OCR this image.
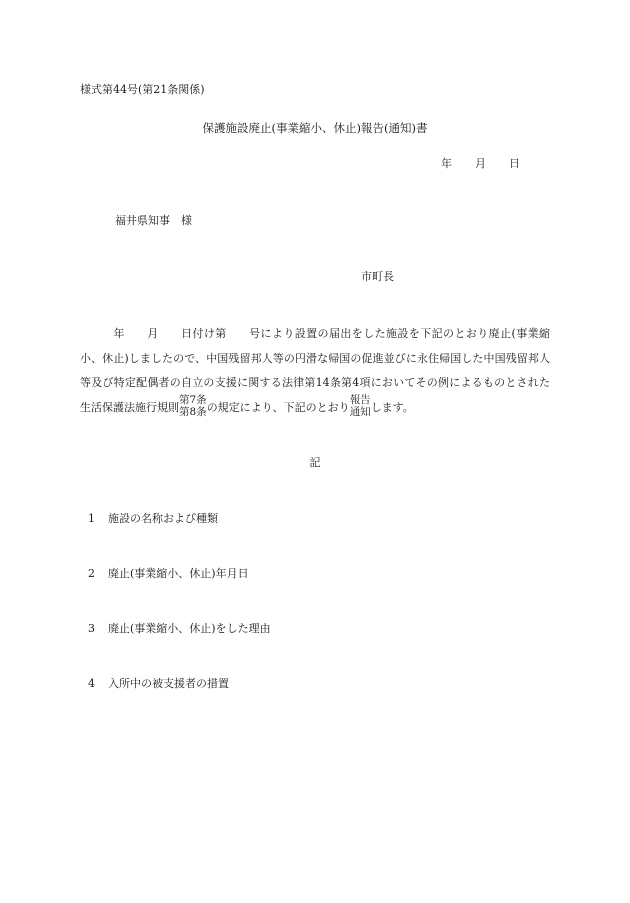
様式第44号(第21条関係)
保護施設廃止(事業縮小、休止)報告(通知)書
年 月 日
福井県知事　様
市町長
年 月 日付け第 号により設置の届出をした施設を下記のとおり廃止(事業縮小、休止)しましたので、中国残留邦人等の円滑な帰国の促進並びに永住帰国した中国残留邦人等及び特定配偶者の自立の支援に関する法律第14条第4項においてその例によるものとされた生活保護法施行規則
第7条
第8条 の規定により、下記のとおり
報告
通知 します。
記
1 施設の名称および種類
2 廃止(事業縮小、休止)年月日
3 廃止(事業縮小、休止)をした理由
4 入所中の被支援者の措置
